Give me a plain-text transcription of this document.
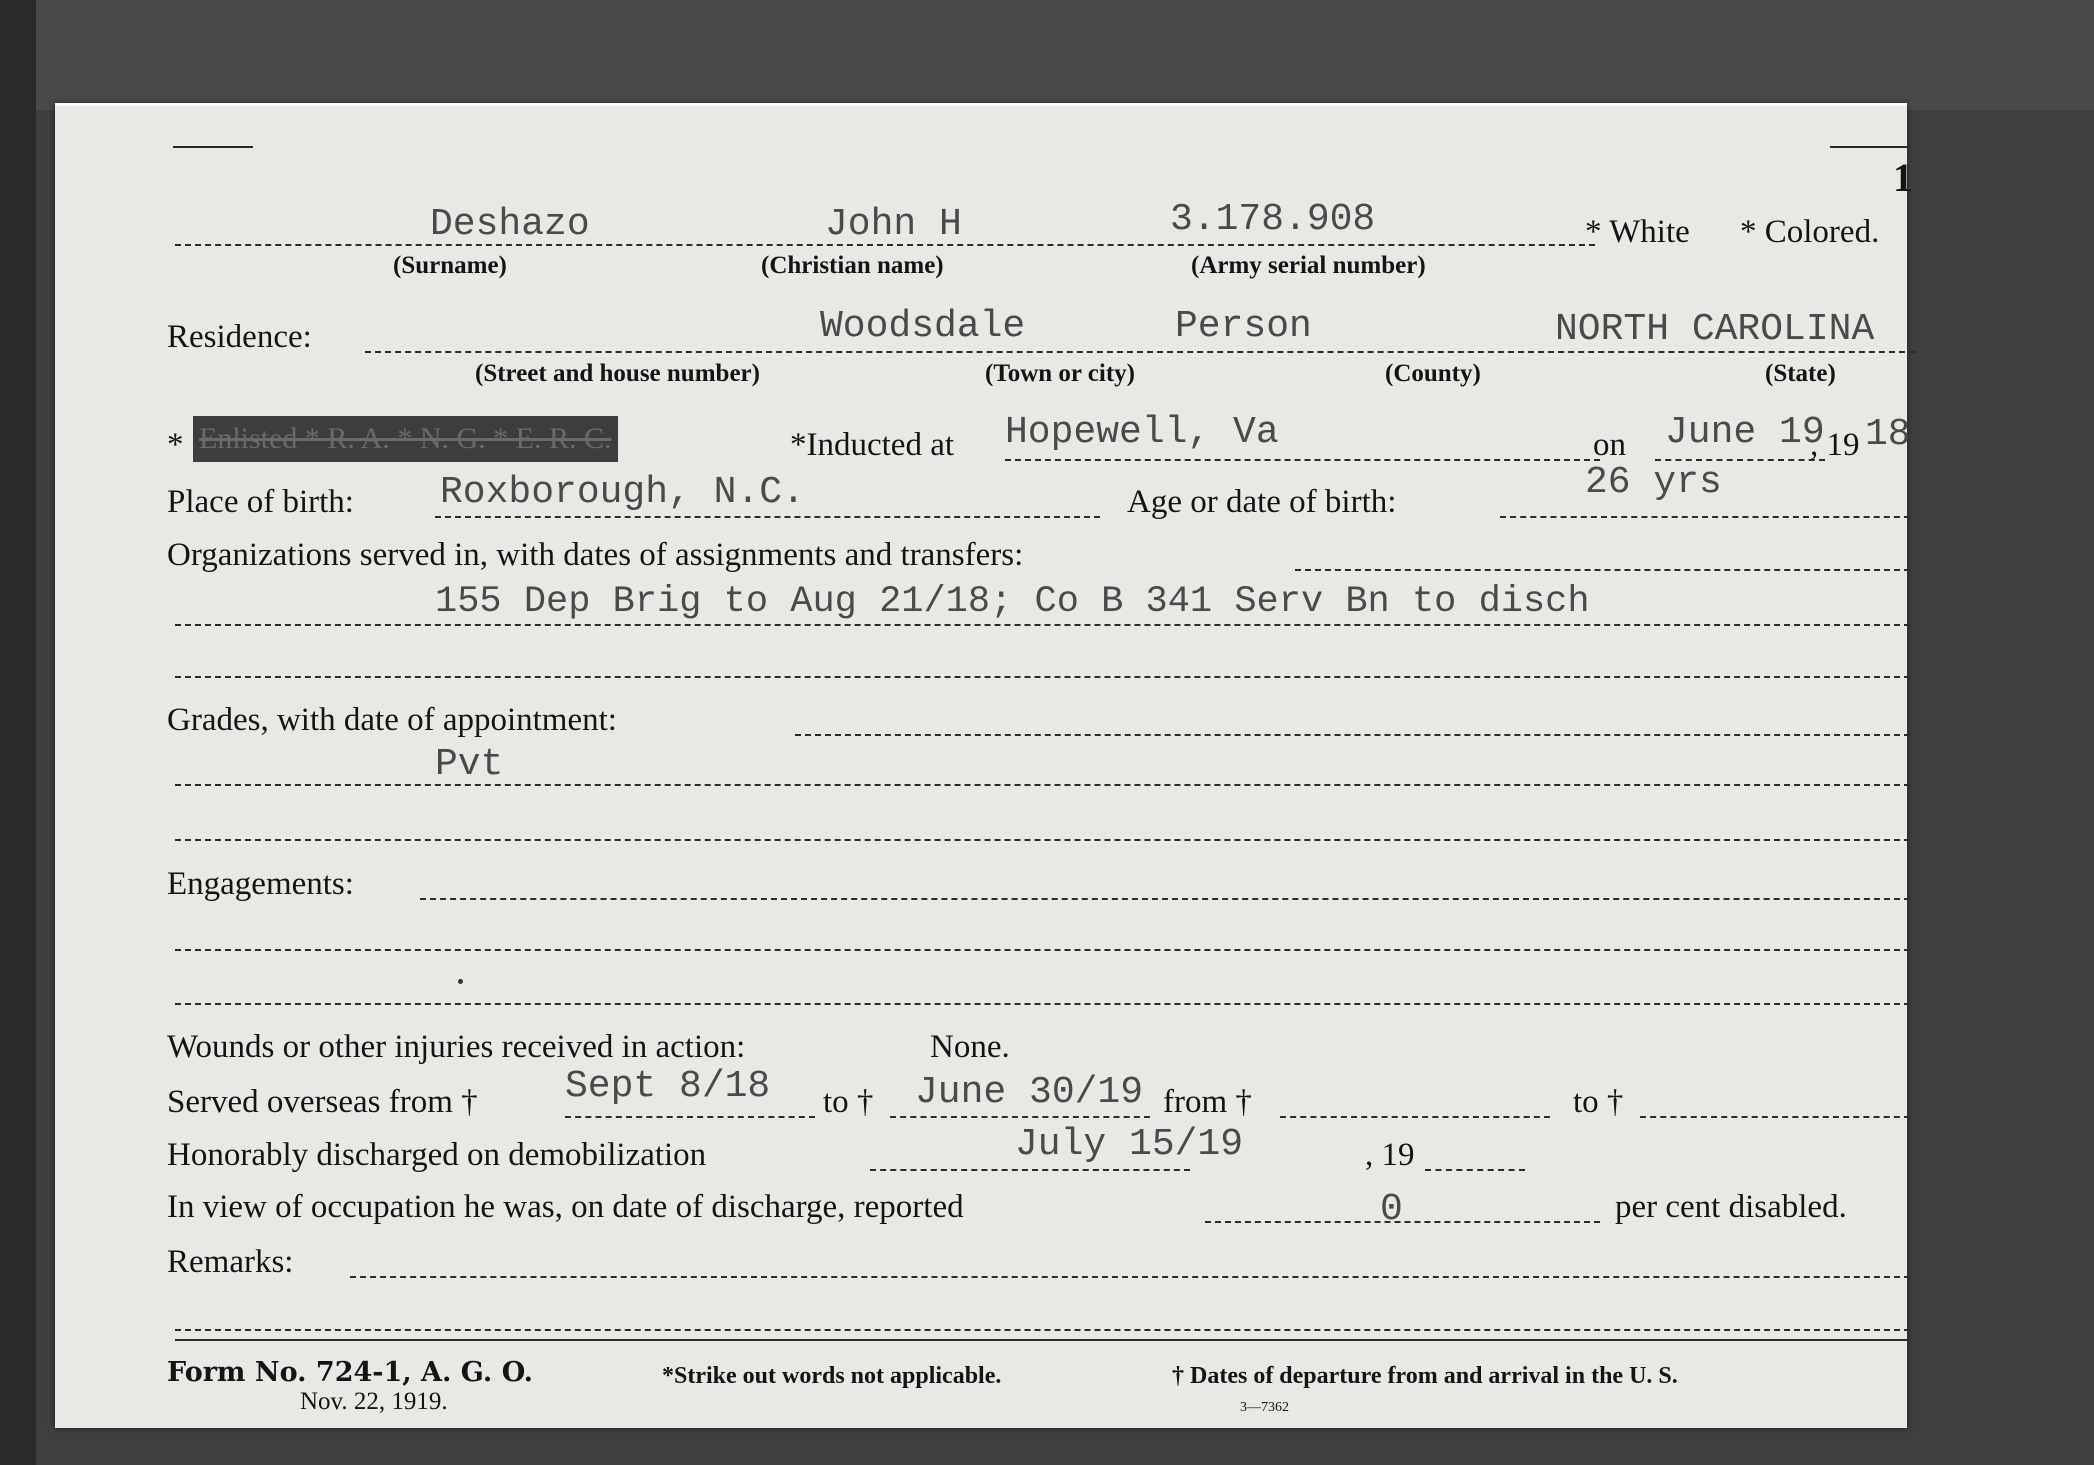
1
Deshazo	John H	3.178.908	* White * Colored.
(Surname)	(Christian name)	(Army serial number)
Residence:	Woodsdale	Person	NORTH CAROLINA
(Street and house number)	(Town or city)	(County)	(State)
* Enlisted * R. A. * N. G. * E. R. C.	*Inducted at Hopewell, Va	on June 19
, 19 18
Place of birth: Roxborough, N.C.	Age or date of birth:	26 yrs
Organizations served in, with dates of assignments and transfers:
155 Dep Brig to Aug 21/18; Co B 341 Serv Bn to disch
Grades, with date of appointment:
Pvt
Engagements:
Wounds or other injuries received in action:	None.
Served overseas from † Sept 8/18 to † June 30/19 from †	to †
Honorably discharged on demobilization	July 15/19	, 19
In view of occupation he was, on date of discharge, reported	0	per cent disabled.
Remarks:
Form No. 724-1, A. G. O.
Nov. 22, 1919.
*Strike out words not applicable.	† Dates of departure from and arrival in the U. S.
3—7362
